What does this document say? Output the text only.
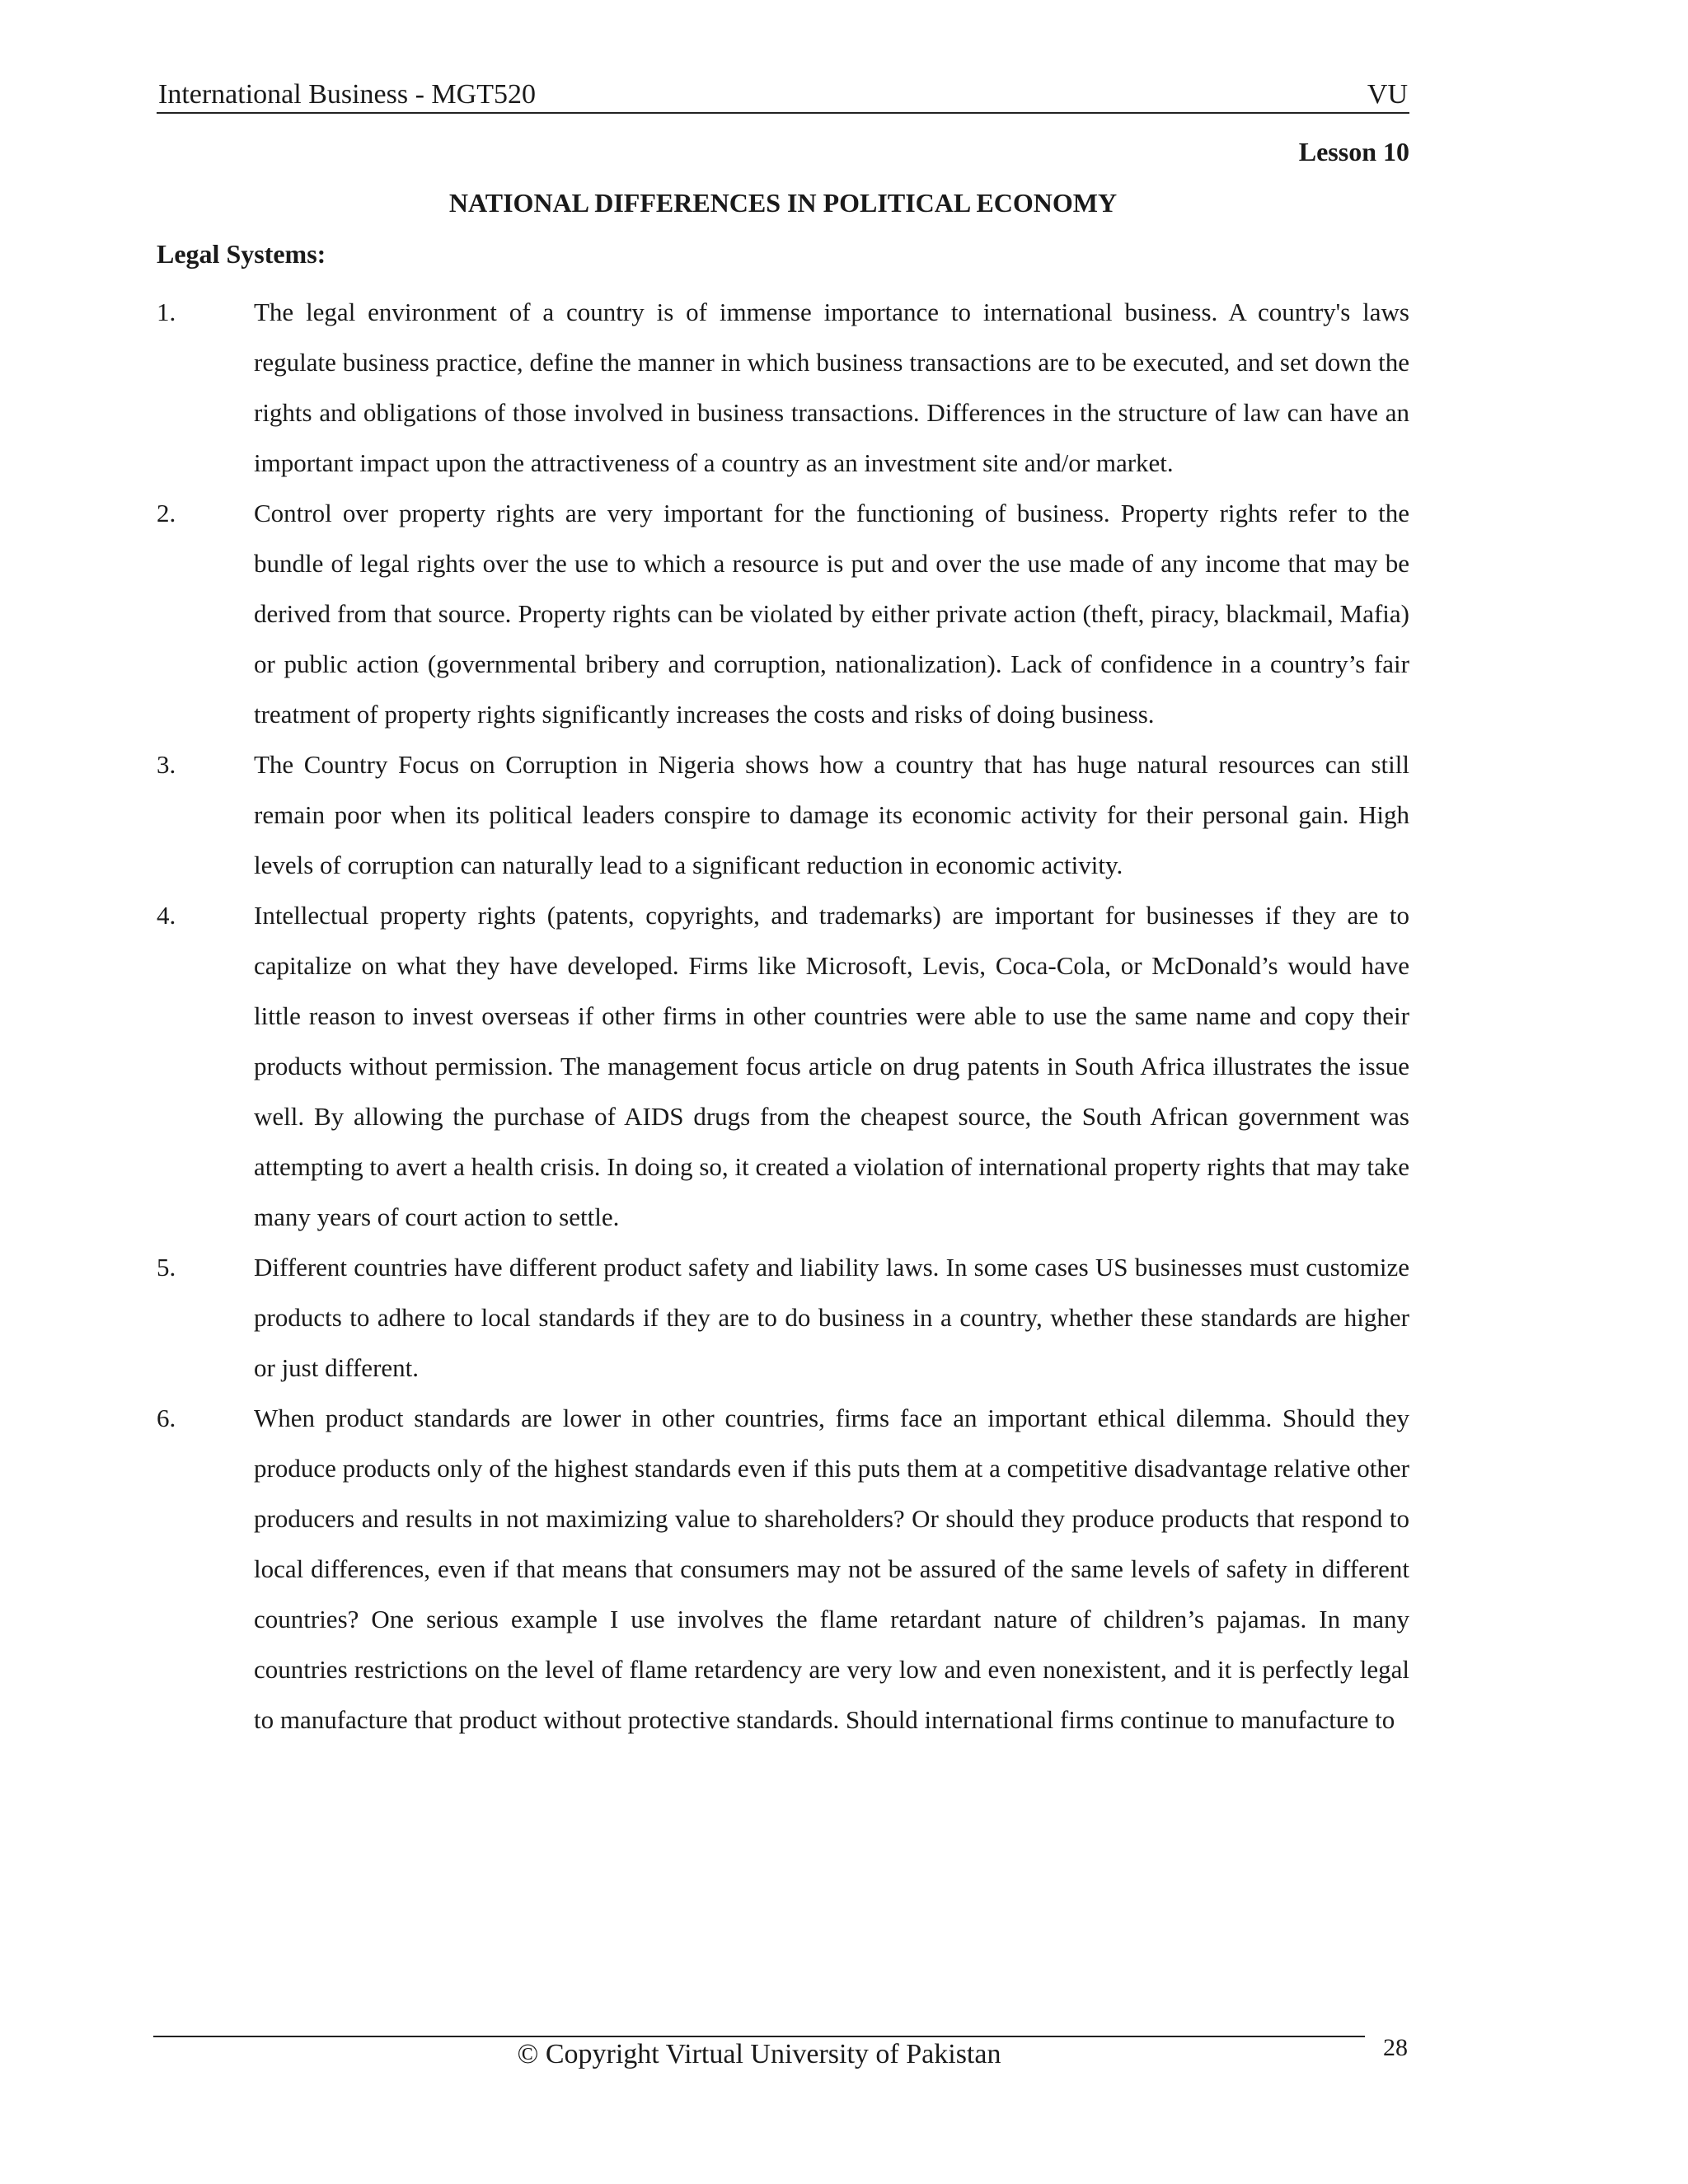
International Business - MGT520	VU
Lesson 10
NATIONAL DIFFERENCES IN POLITICAL ECONOMY
Legal Systems:
1.	The legal environment of a country is of immense importance to international business. A country's laws regulate business practice, define the manner in which business transactions are to be executed, and set down the rights and obligations of those involved in business transactions. Differences in the structure of law can have an important impact upon the attractiveness of a country as an investment site and/or market.
2.	Control over property rights are very important for the functioning of business. Property rights refer to the bundle of legal rights over the use to which a resource is put and over the use made of any income that may be derived from that source. Property rights can be violated by either private action (theft, piracy, blackmail, Mafia) or public action (governmental bribery and corruption, nationalization). Lack of confidence in a country’s fair treatment of property rights significantly increases the costs and risks of doing business.
3.	The Country Focus on Corruption in Nigeria shows how a country that has huge natural resources can still remain poor when its political leaders conspire to damage its economic activity for their personal gain. High levels of corruption can naturally lead to a significant reduction in economic activity.
4.	Intellectual property rights (patents, copyrights, and trademarks) are important for businesses if they are to capitalize on what they have developed. Firms like Microsoft, Levis, Coca-Cola, or McDonald’s would have little reason to invest overseas if other firms in other countries were able to use the same name and copy their products without permission. The management focus article on drug patents in South Africa illustrates the issue well. By allowing the purchase of AIDS drugs from the cheapest source, the South African government was attempting to avert a health crisis. In doing so, it created a violation of international property rights that may take many years of court action to settle.
5.	Different countries have different product safety and liability laws. In some cases US businesses must customize products to adhere to local standards if they are to do business in a country, whether these standards are higher or just different.
6.	When product standards are lower in other countries, firms face an important ethical dilemma. Should they produce products only of the highest standards even if this puts them at a competitive disadvantage relative other producers and results in not maximizing value to shareholders? Or should they produce products that respond to local differences, even if that means that consumers may not be assured of the same levels of safety in different countries? One serious example I use involves the flame retardant nature of children’s pajamas. In many countries restrictions on the level of flame retardency are very low and even nonexistent, and it is perfectly legal to manufacture that product without protective standards. Should international firms continue to manufacture to
© Copyright Virtual University of Pakistan	28
